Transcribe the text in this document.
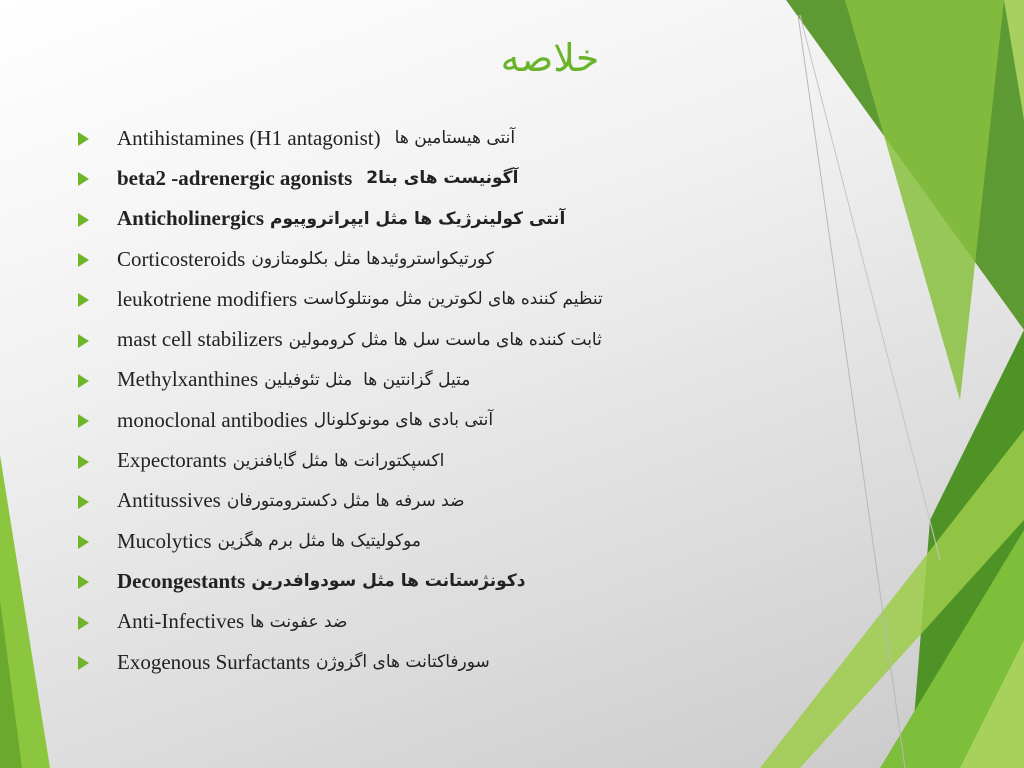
خلاصه
Antihistamines (H1 antagonist) آنتی هیستامین ها
beta2 -adrenergic agonists آگونیست های بتا2
Anticholinergics آنتی کولینرژیک ها مثل ایپراتروپیوم
Corticosteroids کورتیکواستروئیدها مثل بکلومتازون
leukotriene modifiers تنظیم کننده های لکوترین مثل مونتلوکاست
mast cell stabilizers ثابت کننده های ماست سل ها مثل کرومولین
Methylxanthines متیل گزانتین ها  مثل تئوفیلین
monoclonal antibodies آنتی بادی های مونوکلونال
Expectorants اکسپکتورانت ها مثل گایافنزین
Antitussives ضد سرفه ها مثل دکسترومتورفان
Mucolytics موکولیتیک ها مثل برم هگزین
Decongestants دکونژستانت ها مثل سودوافدرین
Anti-Infectives ضد عفونت ها
Exogenous Surfactants سورفاکتانت های اگزوژن
